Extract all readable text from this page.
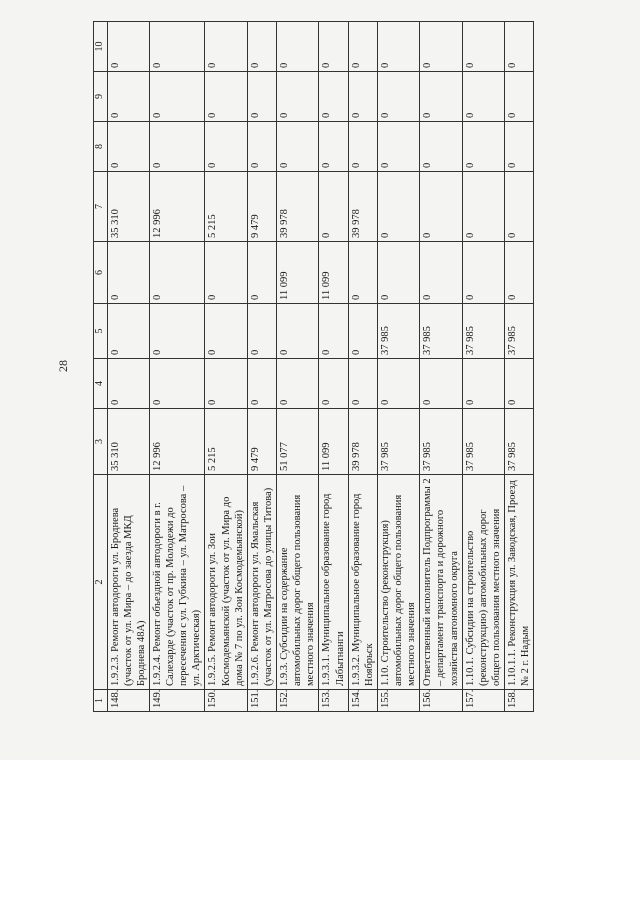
28
1	2	3	4	5	6	7	8	9	10
148.	1.9.2.3. Ремонт автодороги ул. Броднева (участок от ул. Мира – до заезда МКД Броднева 48А)	35 310	0	0	0	35 310	0	0	0
149.	1.9.2.4. Ремонт объездной автодороги в г. Салехарде (участок от пр. Молодежи до пересечения с ул. Губкина – ул. Матросова – ул. Арктическая)	12 996	0	0	0	12 996	0	0	0
150.	1.9.2.5. Ремонт автодороги ул. Зои Космодемьянской (участок от ул. Мира до дома № 7 по ул. Зои Космодемьянской)	5 215	0	0	0	5 215	0	0	0
151.	1.9.2.6. Ремонт автодороги ул. Ямальская (участок от ул. Матросова до улицы Титова)	9 479	0	0	0	9 479	0	0	0
152.	1.9.3. Субсидии на содержание автомобильных дорог общего пользования местного значения	51 077	0	0	11 099	39 978	0	0	0
153.	1.9.3.1. Муниципальное образование город Лабытнанги	11 099	0	0	11 099	0	0	0	0
154.	1.9.3.2. Муниципальное образование город Ноябрьск	39 978	0	0	0	39 978	0	0	0
155.	1.10. Строительство (реконструкция) автомобильных дорог общего пользования местного значения	37 985	0	37 985	0	0	0	0	0
156.	Ответственный исполнитель Подпрограммы 2 – департамент транспорта и дорожного хозяйства автономного округа	37 985	0	37 985	0	0	0	0	0
157.	1.10.1. Субсидии на строительство (реконструкцию) автомобильных дорог общего пользования местного значения	37 985	0	37 985	0	0	0	0	0
158.	1.10.1.1. Реконструкция ул. Заводская, Проезд № 2 г. Надым	37 985	0	37 985	0	0	0	0	0
